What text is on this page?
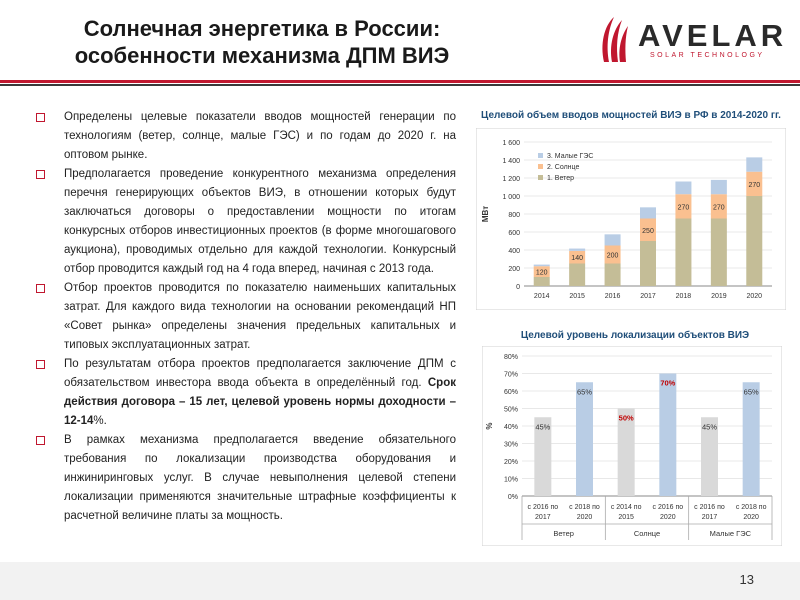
Солнечная энергетика в России:
особенности механизма ДПМ ВИЭ
AVELAR
SOLAR TECHNOLOGY
Определены целевые показатели вводов мощностей генерации по технологиям (ветер, солнце, малые ГЭС) и по годам до 2020 г. на оптовом рынке.
Предполагается проведение конкурентного механизма определения перечня генерирующих объектов ВИЭ, в отношении которых будут заключаться договоры о предоставлении мощности по итогам конкурсных отборов инвестиционных проектов (в форме многошагового аукциона), проводимых отдельно для каждой технологии. Конкурсный отбор проводится каждый год на 4 года вперед, начиная с 2013 года.
Отбор проектов проводится по показателю наименьших капитальных затрат. Для каждого вида технологии на основании рекомендаций НП «Совет рынка» определены значения предельных капитальных и типовых эксплуатационных затрат.
По результатам отбора проектов предполагается заключение ДПМ с обязательством инвестора ввода объекта в определённый год. Срок действия договора – 15 лет, целевой уровень нормы доходности – 12-14%.
В рамках механизма предполагается введение обязательного требования по локализации производства оборудования и инжиниринговых услуг. В случае невыполнения целевой степени локализации применяются значительные штрафные коэффициенты к расчетной величине платы за мощность.
Целевой объем вводов мощностей ВИЭ в РФ в 2014-2020 гг.
0
200
400
600
800
1 000
1 200
1 400
1 600
МВт
120
2014
140
2015
200
2016
250
2017
270
2018
270
2019
270
2020
3. Малые ГЭС
2. Солнце
1. Ветер
Целевой уровень локализации объектов ВИЭ
0%
10%
20%
30%
40%
50%
60%
70%
80%
%	45%
с 2016 по
2017
65%
с 2018 по
2020
50%
с 2014 по
2015
70%
с 2016 по
2020
45%
с 2016 по
2017
65%
с 2018 по
2020
Ветер	Солнце	Малые ГЭС
13
